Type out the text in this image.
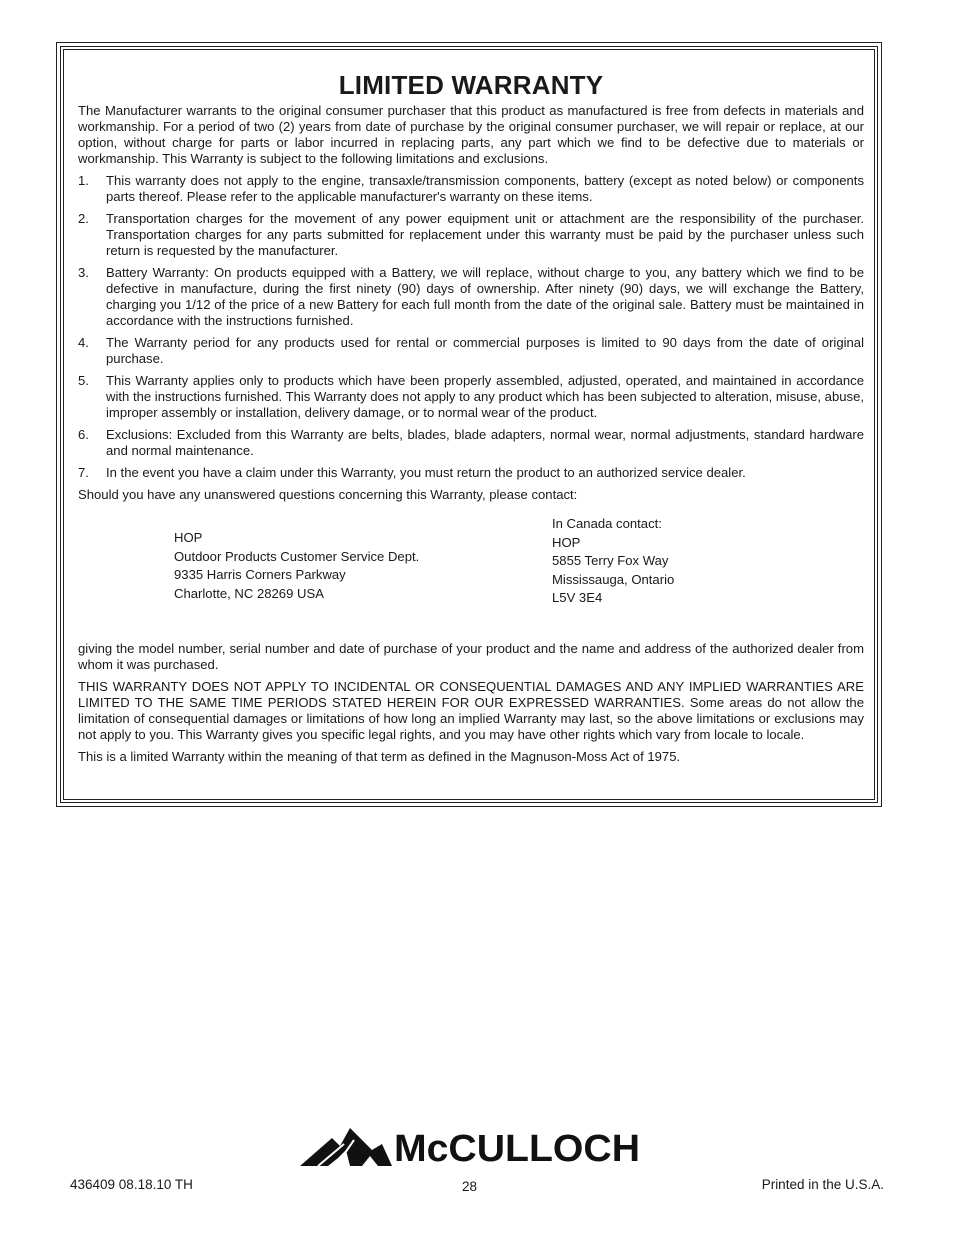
LIMITED WARRANTY

The Manufacturer warrants to the original consumer purchaser that this product as manufactured is free from defects in materials and workmanship. For a period of two (2) years from date of purchase by the original consumer purchaser, we will repair or replace, at our option, without charge for parts or labor incurred in replacing parts, any part which we find to be defective due to materials or workmanship. This Warranty is subject to the following limitations and exclusions.

1. This warranty does not apply to the engine, transaxle/transmission components, battery (except as noted below) or components parts thereof. Please refer to the applicable manufacturer's warranty on these items.
2. Transportation charges for the movement of any power equipment unit or attachment are the responsibility of the purchaser. Transportation charges for any parts submitted for replacement under this warranty must be paid by the purchaser unless such return is requested by the manufacturer.
3. Battery Warranty: On products equipped with a Battery, we will replace, without charge to you, any battery which we find to be defective in manufacture, during the first ninety (90) days of ownership. After ninety (90) days, we will exchange the Battery, charging you 1/12 of the price of a new Battery for each full month from the date of the original sale. Battery must be maintained in accordance with the instructions furnished.
4. The Warranty period for any products used for rental or commercial purposes is limited to 90 days from the date of original purchase.
5. This Warranty applies only to products which have been properly assembled, adjusted, operated, and maintained in accordance with the instructions furnished. This Warranty does not apply to any product which has been subjected to alteration, misuse, abuse, improper assembly or installation, delivery damage, or to normal wear of the product.
6. Exclusions: Excluded from this Warranty are belts, blades, blade adapters, normal wear, normal adjustments, standard hardware and normal maintenance.
7. In the event you have a claim under this Warranty, you must return the product to an authorized service dealer.

Should you have any unanswered questions concerning this Warranty, please contact:

HOP
Outdoor Products Customer Service Dept.
9335 Harris Corners Parkway
Charlotte, NC 28269 USA
In Canada contact:
HOP
5855 Terry Fox Way
Mississauga, Ontario
L5V 3E4

giving the model number, serial number and date of purchase of your product and the name and address of the authorized dealer from whom it was purchased.

THIS WARRANTY DOES NOT APPLY TO INCIDENTAL OR CONSEQUENTIAL DAMAGES AND ANY IMPLIED WARRANTIES ARE LIMITED TO THE SAME TIME PERIODS STATED HEREIN FOR OUR EXPRESSED WARRANTIES. Some areas do not allow the limitation of consequential damages or limitations of how long an implied Warranty may last, so the above limitations or exclusions may not apply to you. This Warranty gives you specific legal rights, and you may have other rights which vary from locale to locale.

This is a limited Warranty within the meaning of that term as defined in the Magnuson-Moss Act of 1975.

McCULLOCH
436409 08.18.10 TH	28	Printed in the U.S.A.
